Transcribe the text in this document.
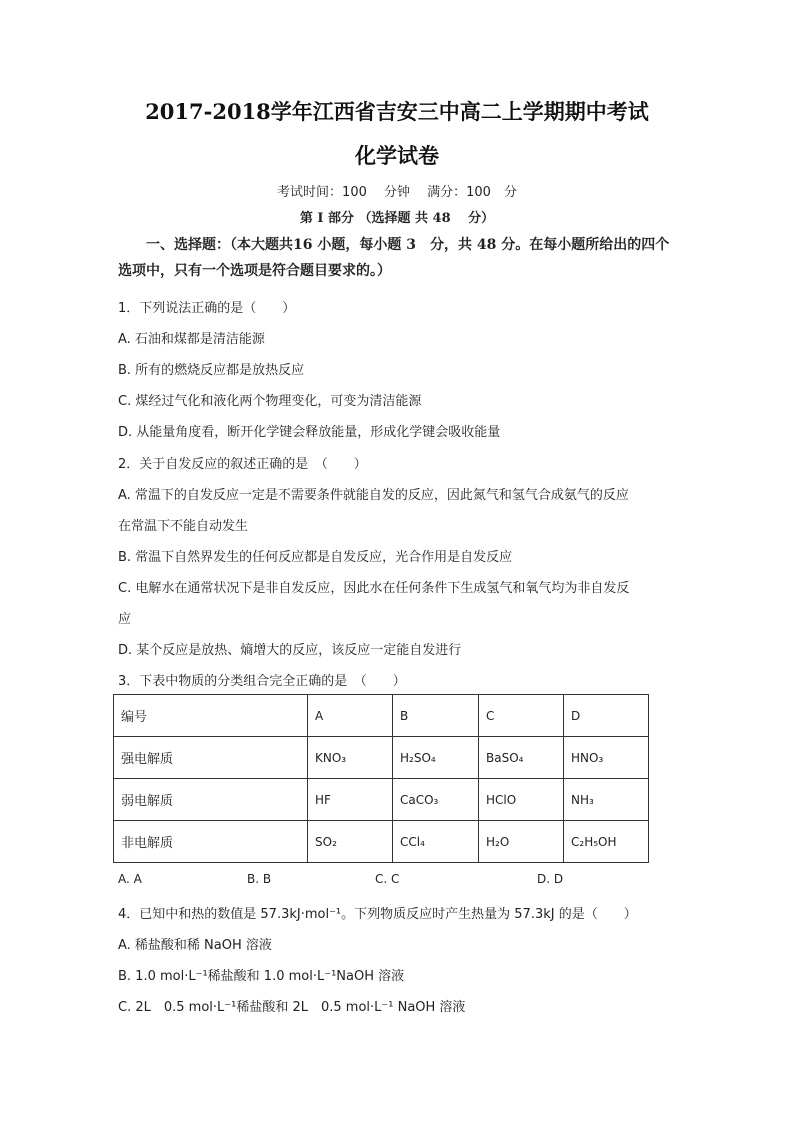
2017-2018学年江西省吉安三中高二上学期期中考试
化学试卷
考试时间：100　 分钟　 满分：100　分
第 I 部分 （选择题 共 48　 分）
一、选择题：（本大题共16 小题，每小题 3　分，共 48 分。在每小题所给出的四个选项中，只有一个选项是符合题目要求的。）
1．下列说法正确的是（　　）
A. 石油和煤都是清洁能源
B. 所有的燃烧反应都是放热反应
C. 煤经过气化和液化两个物理变化，可变为清洁能源
D. 从能量角度看，断开化学键会释放能量，形成化学键会吸收能量
2．关于自发反应的叙述正确的是　（　　）
A. 常温下的自发反应一定是不需要条件就能自发的反应，因此氮气和氢气合成氨气的反应
在常温下不能自动发生
B. 常温下自然界发生的任何反应都是自发反应，光合作用是自发反应
C. 电解水在通常状况下是非自发反应，因此水在任何条件下生成氢气和氧气均为非自发反
应
D. 某个反应是放热、熵增大的反应，该反应一定能自发进行
3．下表中物质的分类组合完全正确的是　（　　）
编号	A	B	C	D
强电解质	KNO₃	H₂SO₄	BaSO₄	HNO₃
弱电解质	HF	CaCO₃	HClO	NH₃
非电解质	SO₂	CCl₄	H₂O	C₂H₅OH
A. A	B. B	C. C	D. D
4．已知中和热的数值是 57.3kJ·mol⁻¹。下列物质反应时产生热量为 57.3kJ 的是（　　）
A. 稀盐酸和稀 NaOH 溶液
B. 1.0 mol·L⁻¹稀盐酸和 1.0 mol·L⁻¹NaOH 溶液
C. 2L　0.5 mol·L⁻¹稀盐酸和 2L　0.5 mol·L⁻¹ NaOH 溶液
